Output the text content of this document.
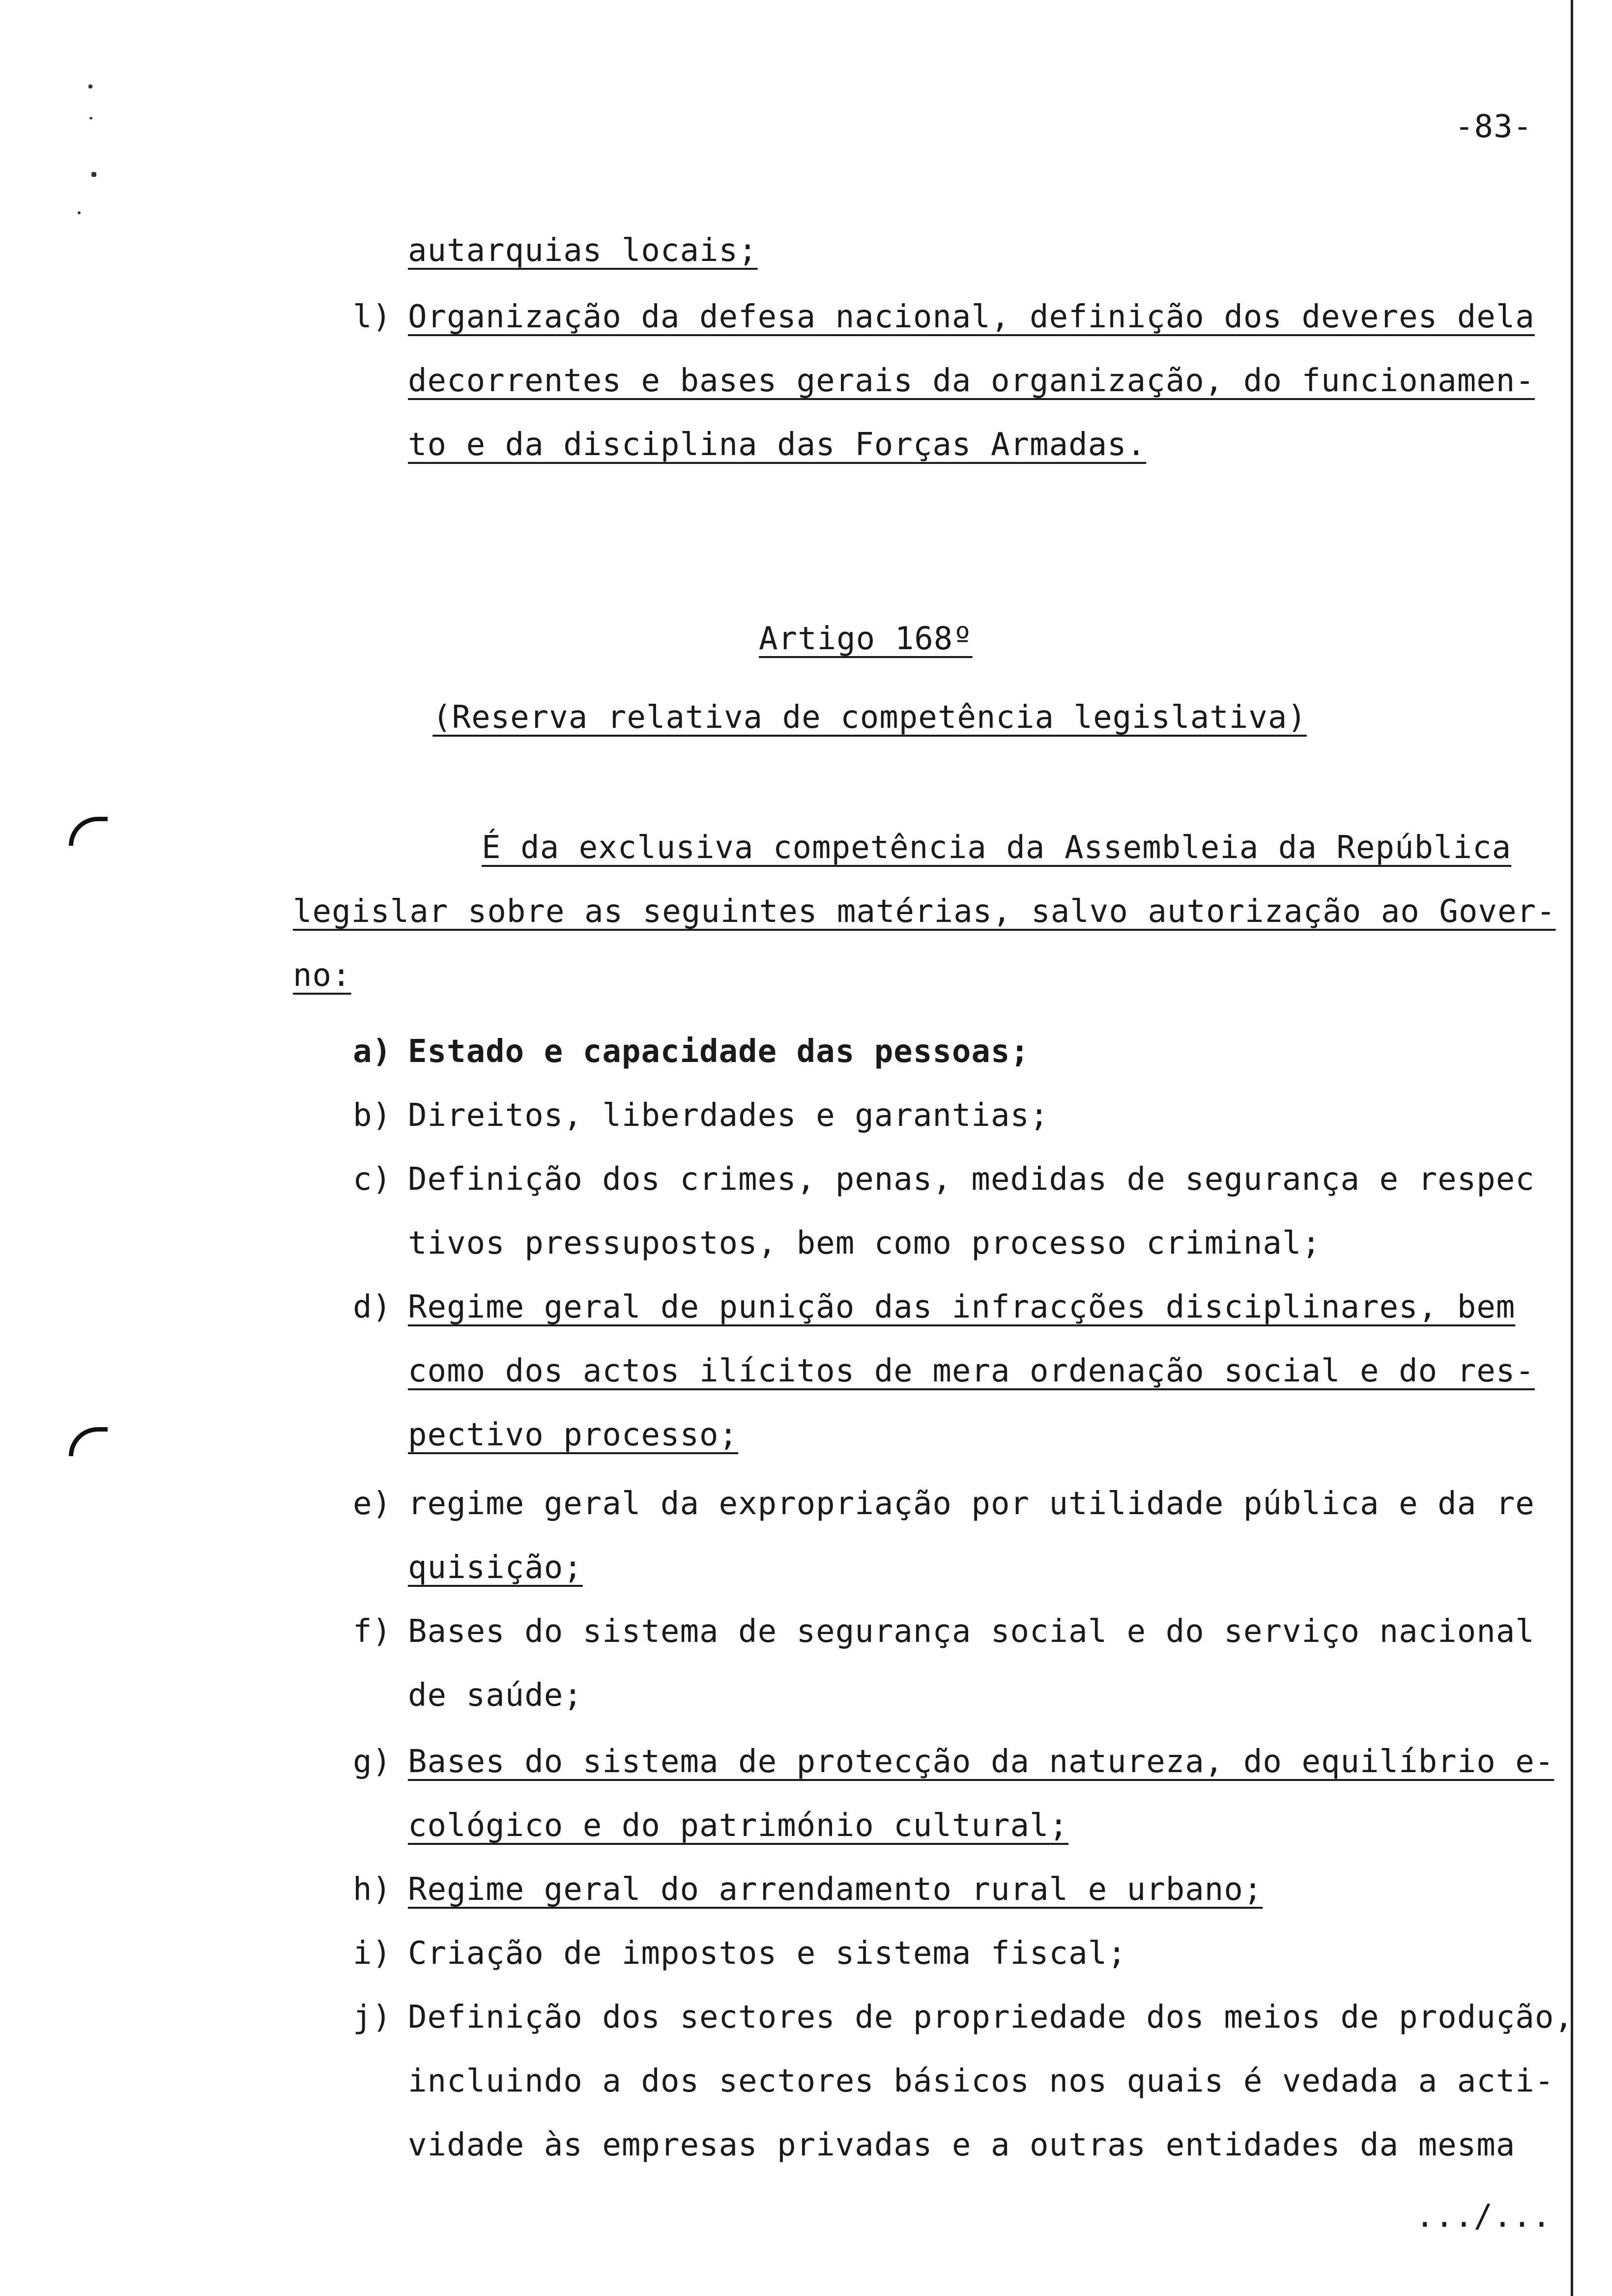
-83-
autarquias locais;
l) Organização da defesa nacional, definição dos deveres dela
decorrentes e bases gerais da organização, do funcionamen-
to e da disciplina das Forças Armadas.
Artigo 168º
(Reserva relativa de competência legislativa)
É da exclusiva competência da Assembleia da República
legislar sobre as seguintes matérias, salvo autorização ao Gover-
no:
a) Estado e capacidade das pessoas;
b) Direitos, liberdades e garantias;
c) Definição dos crimes, penas, medidas de segurança e respec
tivos pressupostos, bem como processo criminal;
d) Regime geral de punição das infracções disciplinares, bem
como dos actos ilícitos de mera ordenação social e do res-
pectivo processo;
e) regime geral da expropriação por utilidade pública e da re
quisição;
f) Bases do sistema de segurança social e do serviço nacional
de saúde;
g) Bases do sistema de protecção da natureza, do equilíbrio e-
cológico e do património cultural;
h) Regime geral do arrendamento rural e urbano;
i) Criação de impostos e sistema fiscal;
j) Definição dos sectores de propriedade dos meios de produção,
incluindo a dos sectores básicos nos quais é vedada a acti-
vidade às empresas privadas e a outras entidades da mesma
.../...
